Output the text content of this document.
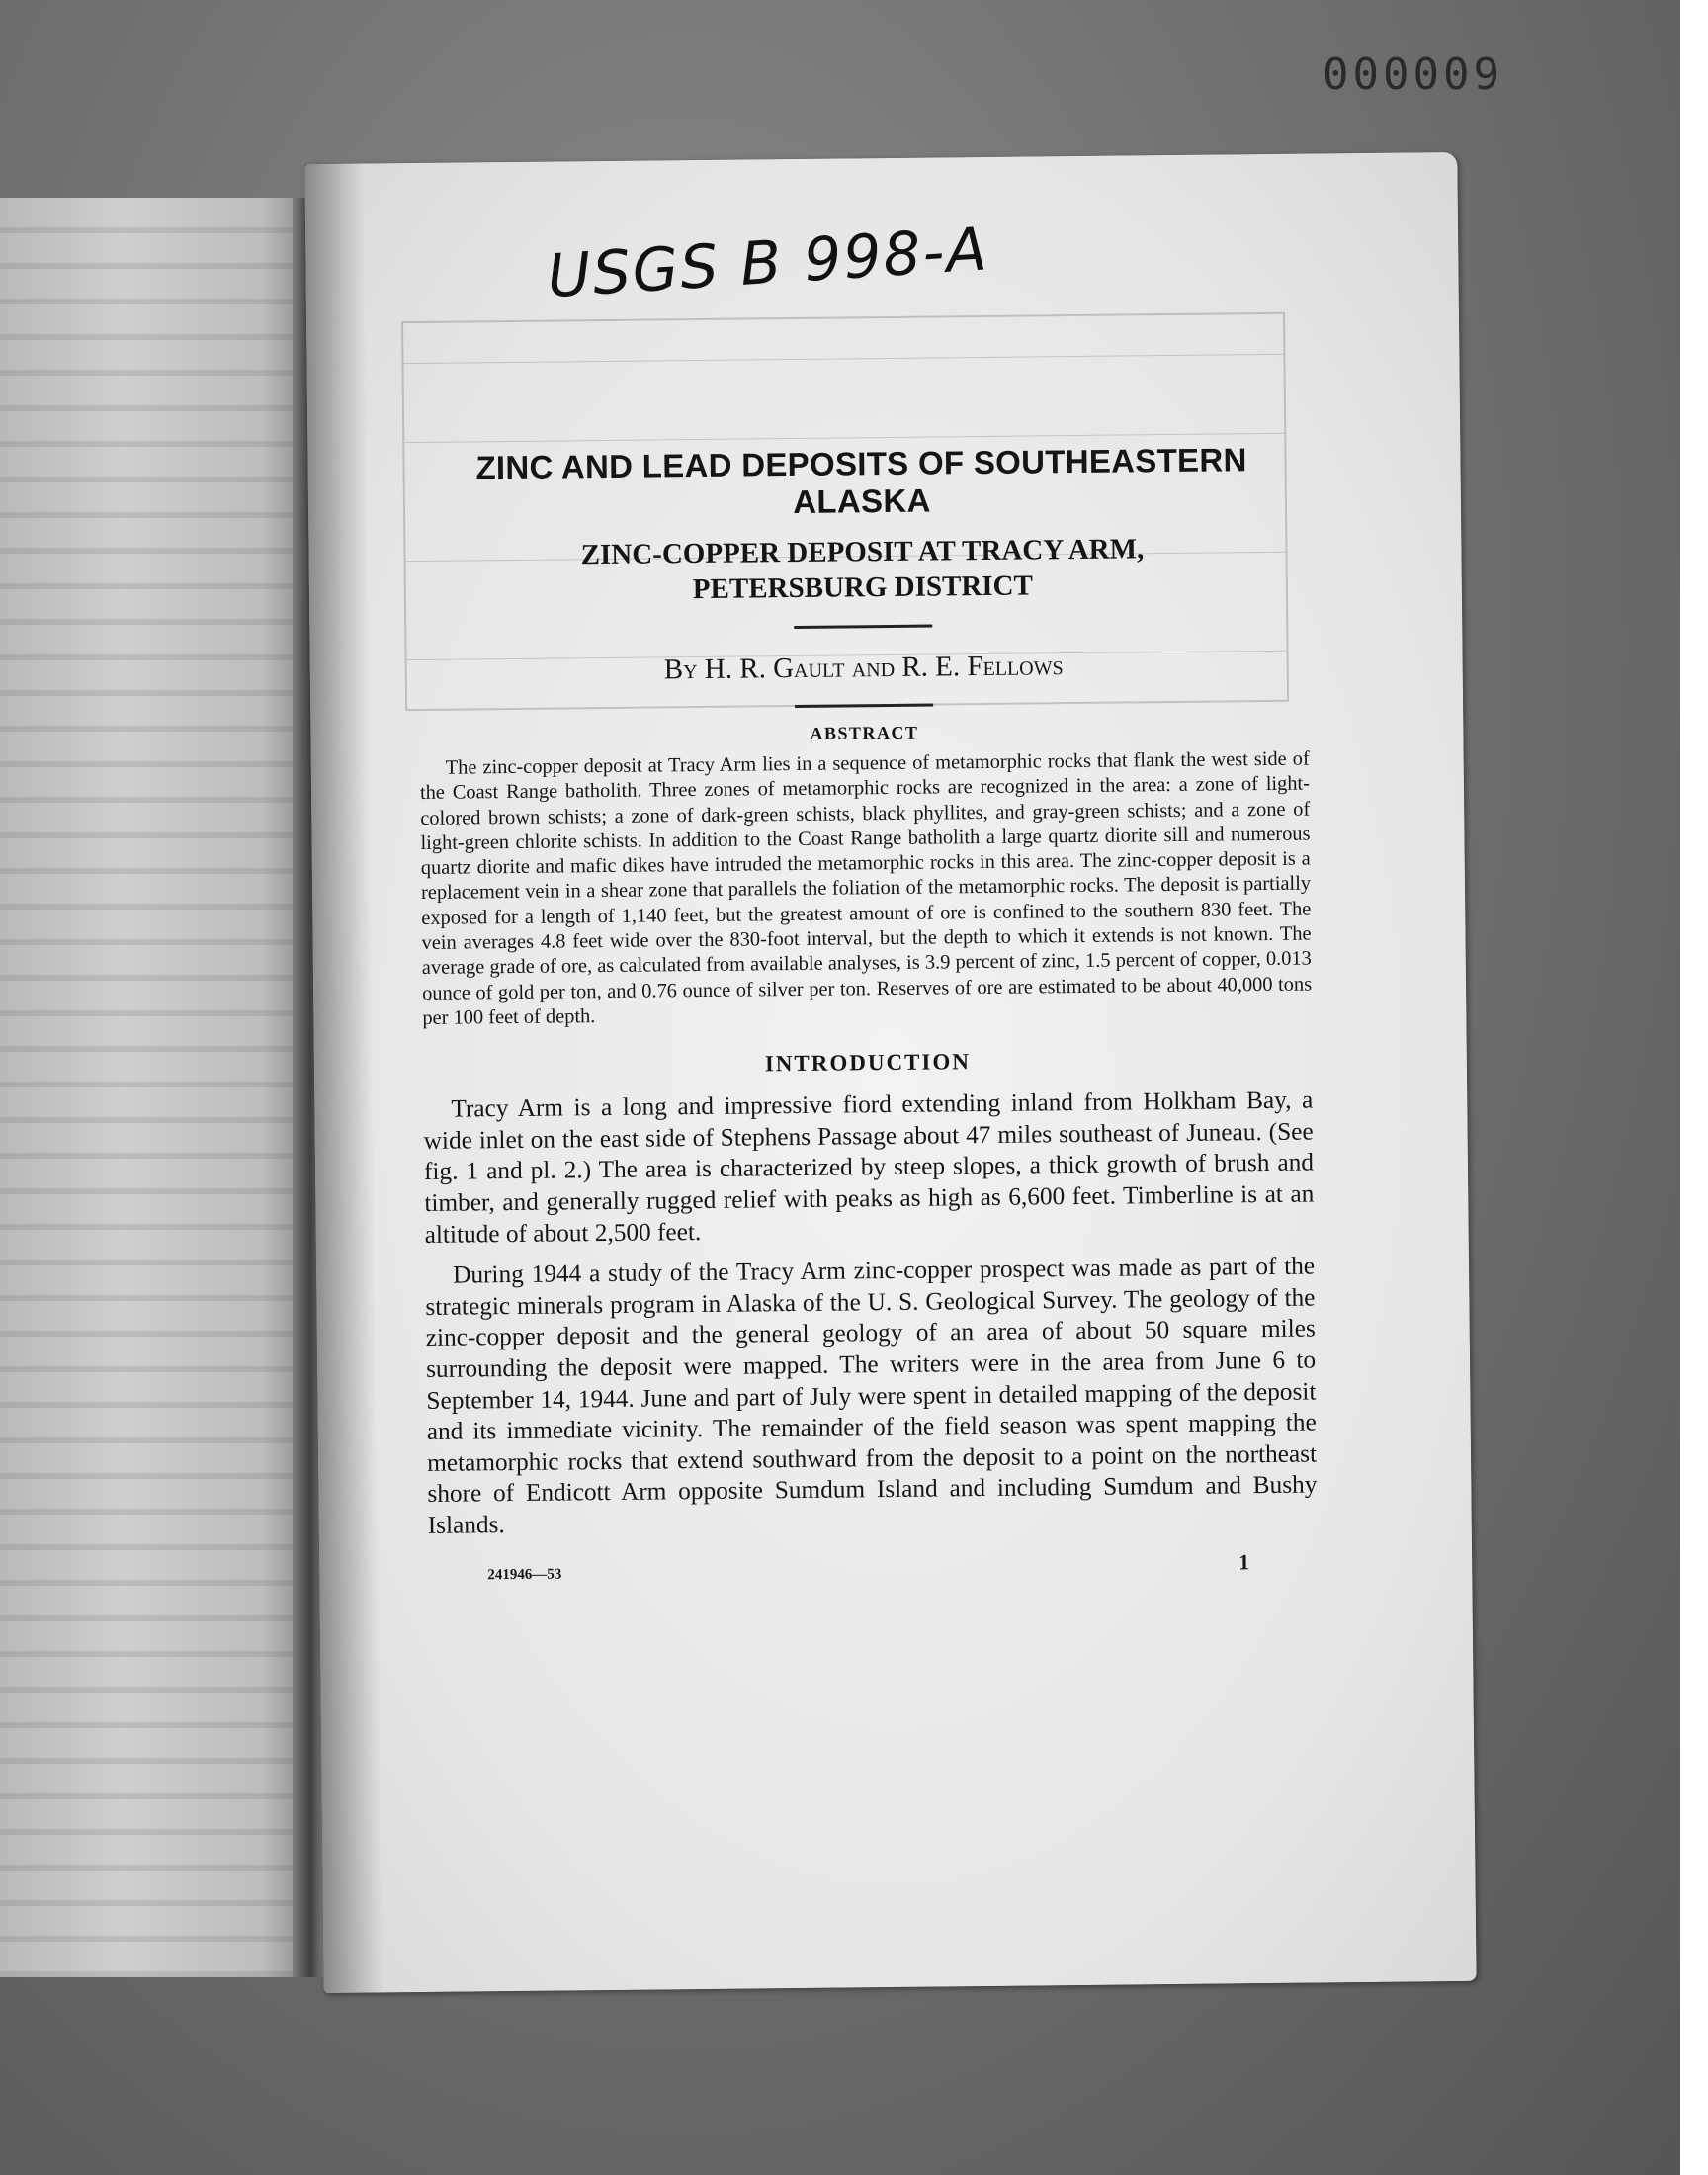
000009
USGS B 998-A
ZINC AND LEAD DEPOSITS OF SOUTHEASTERN ALASKA
ZINC-COPPER DEPOSIT AT TRACY ARM, PETERSBURG DISTRICT

By H. R. Gault and R. E. Fellows

ABSTRACT

The zinc-copper deposit at Tracy Arm lies in a sequence of metamorphic rocks that flank the west side of the Coast Range batholith. Three zones of metamorphic rocks are recognized in the area: a zone of light-colored brown schists; a zone of dark-green schists, black phyllites, and gray-green schists; and a zone of light-green chlorite schists. In addition to the Coast Range batholith a large quartz diorite sill and numerous quartz diorite and mafic dikes have intruded the metamorphic rocks in this area. The zinc-copper deposit is a replacement vein in a shear zone that parallels the foliation of the metamorphic rocks. The deposit is partially exposed for a length of 1,140 feet, but the greatest amount of ore is confined to the southern 830 feet. The vein averages 4.8 feet wide over the 830-foot interval, but the depth to which it extends is not known. The average grade of ore, as calculated from available analyses, is 3.9 percent of zinc, 1.5 percent of copper, 0.013 ounce of gold per ton, and 0.76 ounce of silver per ton. Reserves of ore are estimated to be about 40,000 tons per 100 feet of depth.

INTRODUCTION

Tracy Arm is a long and impressive fiord extending inland from Holkham Bay, a wide inlet on the east side of Stephens Passage about 47 miles southeast of Juneau. (See fig. 1 and pl. 2.) The area is characterized by steep slopes, a thick growth of brush and timber, and generally rugged relief with peaks as high as 6,600 feet. Timberline is at an altitude of about 2,500 feet.

During 1944 a study of the Tracy Arm zinc-copper prospect was made as part of the strategic minerals program in Alaska of the U. S. Geological Survey. The geology of the zinc-copper deposit and the general geology of an area of about 50 square miles surrounding the deposit were mapped. The writers were in the area from June 6 to September 14, 1944. June and part of July were spent in detailed mapping of the deposit and its immediate vicinity. The remainder of the field season was spent mapping the metamorphic rocks that extend southward from the deposit to a point on the northeast shore of Endicott Arm opposite Sumdum Island and including Sumdum and Bushy Islands.

241946—53
1
